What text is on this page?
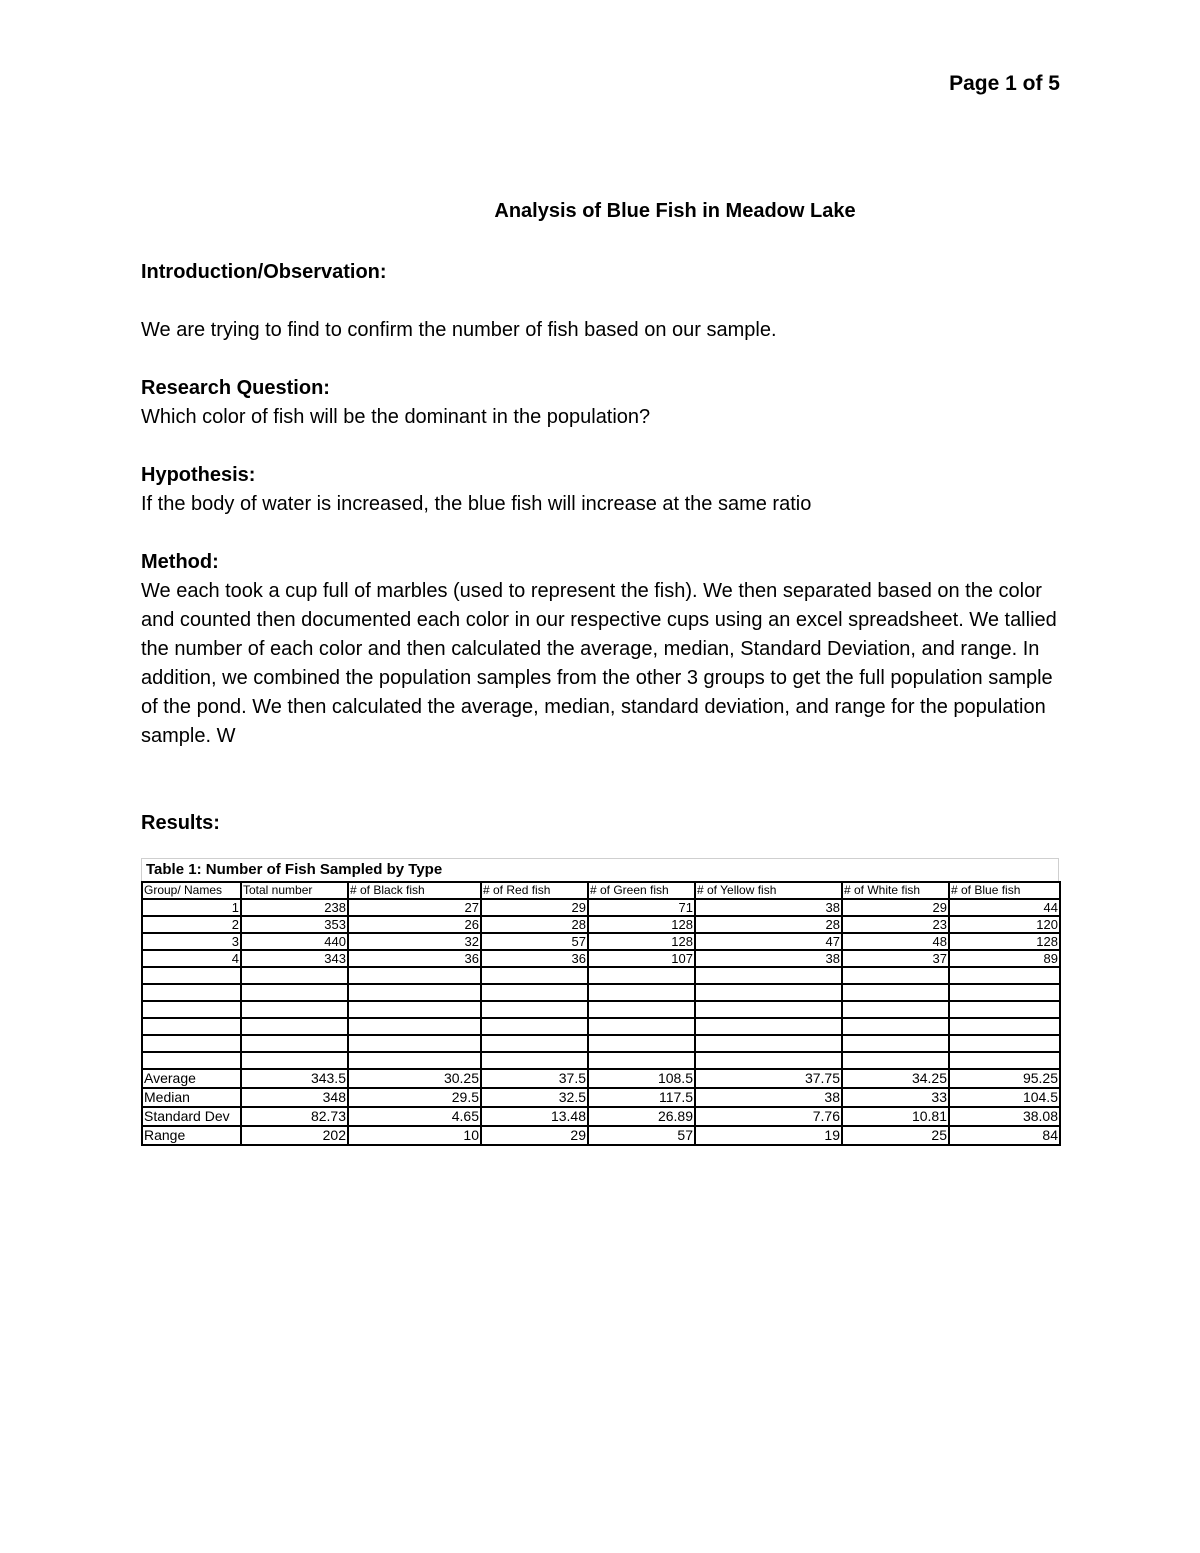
Page 1 of 5
Analysis of Blue Fish in Meadow Lake

Introduction/Observation:

We are trying to find to confirm the number of fish based on our sample.

Research Question:

Which color of fish will be the dominant in the population?

Hypothesis:

If the body of water is increased, the blue fish will increase at the same ratio

Method:

We each took a cup full of marbles (used to represent the fish). We then separated based on the color and counted then documented each color in our respective cups using an excel spreadsheet. We tallied the number of each color and then calculated the average, median, Standard Deviation, and range. In addition, we combined the population samples from the other 3 groups to get the full population sample of the pond. We then calculated the average, median, standard deviation, and range for the population sample. W

Results:

Table 1: Number of Fish Sampled by Type
Group/ Names	Total number	# of Black fish	# of Red fish	# of Green fish	# of Yellow fish	# of White fish	# of Blue fish
1	238	27	29	71	38	29	44
2	353	26	28	128	28	23	120
3	440	32	57	128	47	48	128
4	343	36	36	107	38	37	89

Average	343.5	30.25	37.5	108.5	37.75	34.25	95.25
Median	348	29.5	32.5	117.5	38	33	104.5
Standard Dev	82.73	4.65	13.48	26.89	7.76	10.81	38.08
Range	202	10	29	57	19	25	84
